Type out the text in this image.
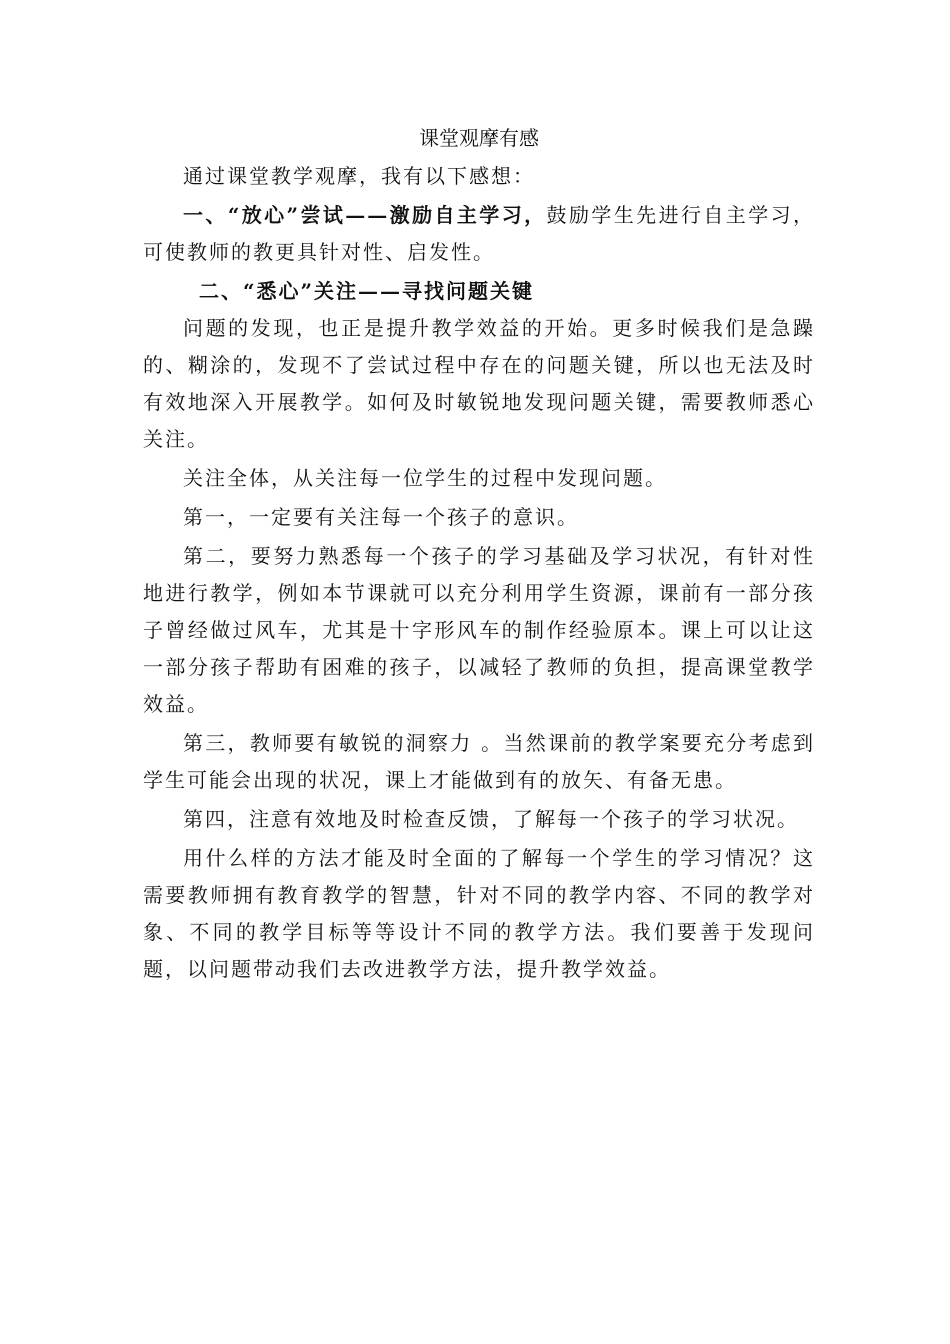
课堂观摩有感

通过课堂教学观摩，我有以下感想：

一、“放心”尝试——激励自主学习，鼓励学生先进行自主学习，可使教师的教更具针对性、启发性。

二、“悉心”关注——寻找问题关键

问题的发现，也正是提升教学效益的开始。更多时候我们是急躁的、糊涂的，发现不了尝试过程中存在的问题关键，所以也无法及时有效地深入开展教学。如何及时敏锐地发现问题关键，需要教师悉心关注。

关注全体，从关注每一位学生的过程中发现问题。

第一，一定要有关注每一个孩子的意识。

第二，要努力熟悉每一个孩子的学习基础及学习状况，有针对性地进行教学，例如本节课就可以充分利用学生资源，课前有一部分孩子曾经做过风车，尤其是十字形风车的制作经验原本。课上可以让这一部分孩子帮助有困难的孩子，以减轻了教师的负担，提高课堂教学效益。

第三，教师要有敏锐的洞察力 。当然课前的教学案要充分考虑到学生可能会出现的状况，课上才能做到有的放矢、有备无患。

第四，注意有效地及时检查反馈，了解每一个孩子的学习状况。

用什么样的方法才能及时全面的了解每一个学生的学习情况？这需要教师拥有教育教学的智慧，针对不同的教学内容、不同的教学对象、不同的教学目标等等设计不同的教学方法。我们要善于发现问题，以问题带动我们去改进教学方法，提升教学效益。
